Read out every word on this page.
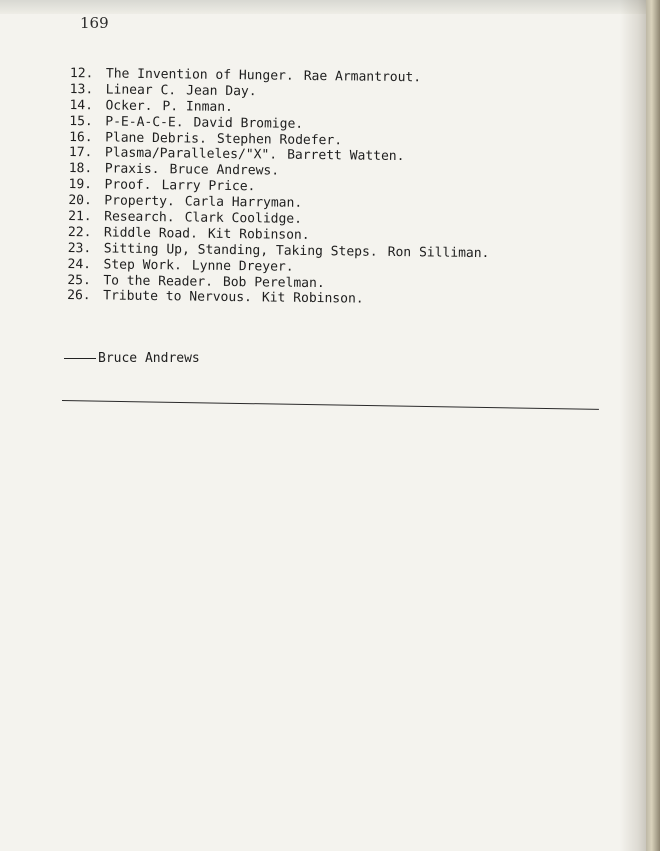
169
12. The Invention of Hunger. Rae Armantrout.
13. Linear C. Jean Day.
14. Ocker. P. Inman.
15. P-E-A-C-E. David Bromige.
16. Plane Debris. Stephen Rodefer.
17. Plasma/Paralleles/"X". Barrett Watten.
18. Praxis. Bruce Andrews.
19. Proof. Larry Price.
20. Property. Carla Harryman.
21. Research. Clark Coolidge.
22. Riddle Road. Kit Robinson.
23. Sitting Up, Standing, Taking Steps. Ron Silliman.
24. Step Work. Lynne Dreyer.
25. To the Reader. Bob Perelman.
26. Tribute to Nervous. Kit Robinson.
Bruce Andrews
